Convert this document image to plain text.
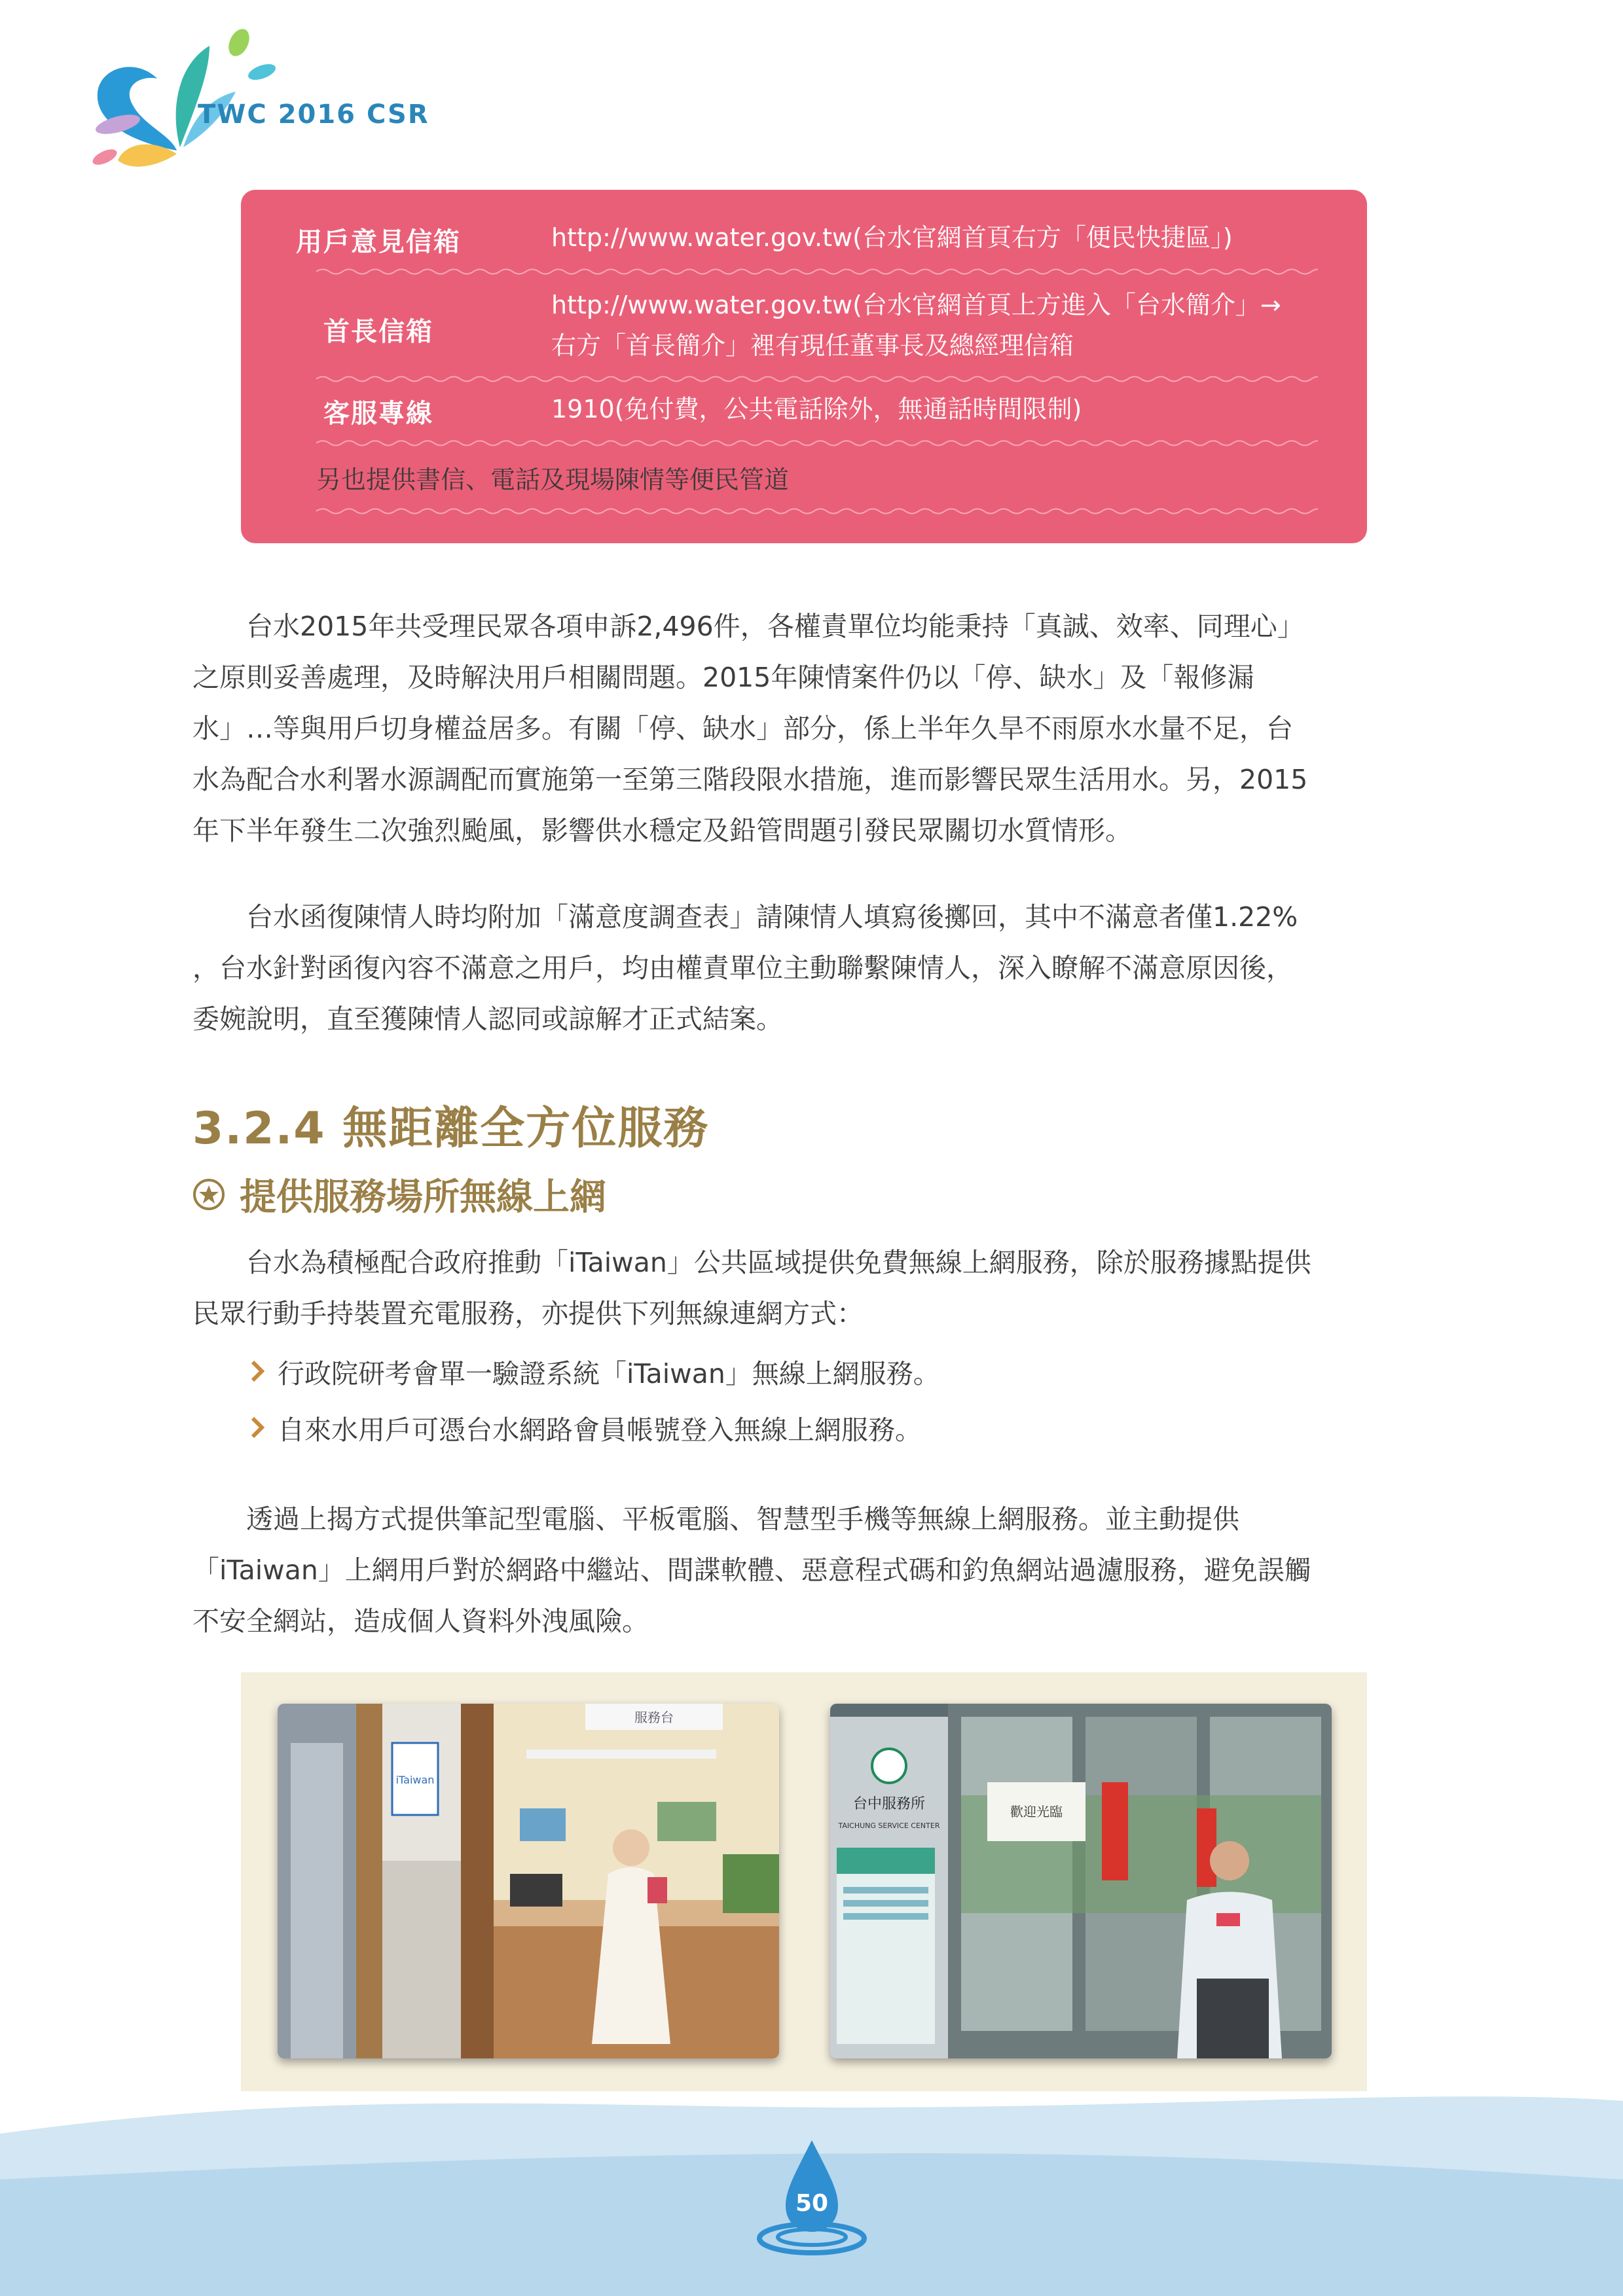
TWC 2016 CSR
用戶意見信箱	http://www.water.gov.tw(台水官網首頁右方「便民快捷區」)
首長信箱
http://www.water.gov.tw(台水官網首頁上方進入「台水簡介」→
右方「首長簡介」裡有現任董事長及總經理信箱
客服專線	1910(免付費，公共電話除外，無通話時間限制)
另也提供書信、電話及現場陳情等便民管道
　　台水2015年共受理民眾各項申訴2,496件，各權責單位均能秉持「真誠、效率、同理心」
之原則妥善處理，及時解決用戶相關問題。2015年陳情案件仍以「停、缺水」及「報修漏
水」…等與用戶切身權益居多。有關「停、缺水」部分，係上半年久旱不雨原水水量不足，台
水為配合水利署水源調配而實施第一至第三階段限水措施，進而影響民眾生活用水。另，2015
年下半年發生二次強烈颱風，影響供水穩定及鉛管問題引發民眾關切水質情形。
　　台水函復陳情人時均附加「滿意度調查表」請陳情人填寫後擲回，其中不滿意者僅1.22%
，台水針對函復內容不滿意之用戶，均由權責單位主動聯繫陳情人，深入瞭解不滿意原因後，
委婉說明，直至獲陳情人認同或諒解才正式結案。
3.2.4 無距離全方位服務
提供服務場所無線上網
　　台水為積極配合政府推動「iTaiwan」公共區域提供免費無線上網服務，除於服務據點提供
民眾行動手持裝置充電服務，亦提供下列無線連網方式：
行政院研考會單一驗證系統「iTaiwan」無線上網服務。
自來水用戶可憑台水網路會員帳號登入無線上網服務。
　　透過上揭方式提供筆記型電腦、平板電腦、智慧型手機等無線上網服務。並主動提供
「iTaiwan」上網用戶對於網路中繼站、間諜軟體、惡意程式碼和釣魚網站過濾服務，避免誤觸
不安全網站，造成個人資料外洩風險。
iTaiwan
服務台
台中服務所
TAICHUNG SERVICE CENTER
歡迎光臨
50
